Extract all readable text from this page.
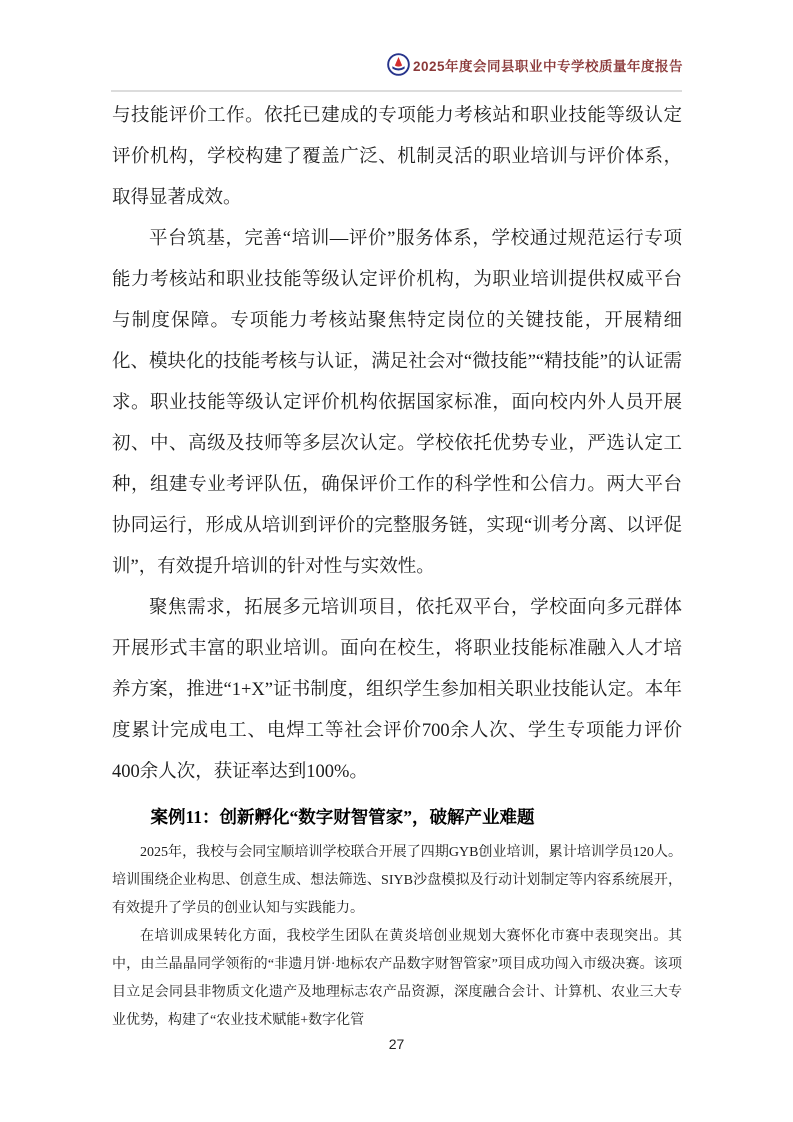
2025年度会同县职业中专学校质量年度报告

与技能评价工作。依托已建成的专项能力考核站和职业技能等级认定评价机构，学校构建了覆盖广泛、机制灵活的职业培训与评价体系，取得显著成效。

平台筑基，完善“培训—评价”服务体系，学校通过规范运行专项能力考核站和职业技能等级认定评价机构，为职业培训提供权威平台与制度保障。专项能力考核站聚焦特定岗位的关键技能，开展精细化、模块化的技能考核与认证，满足社会对“微技能”“精技能”的认证需求。职业技能等级认定评价机构依据国家标准，面向校内外人员开展初、中、高级及技师等多层次认定。学校依托优势专业，严选认定工种，组建专业考评队伍，确保评价工作的科学性和公信力。两大平台协同运行，形成从培训到评价的完整服务链，实现“训考分离、以评促训”，有效提升培训的针对性与实效性。

聚焦需求，拓展多元培训项目，依托双平台，学校面向多元群体开展形式丰富的职业培训。面向在校生，将职业技能标准融入人才培养方案，推进“1+X”证书制度，组织学生参加相关职业技能认定。本年度累计完成电工、电焊工等社会评价700余人次、学生专项能力评价400余人次，获证率达到100%。

案例11：创新孵化“数字财智管家”，破解产业难题

2025年，我校与会同宝顺培训学校联合开展了四期GYB创业培训，累计培训学员120人。培训围绕企业构思、创意生成、想法筛选、SIYB沙盘模拟及行动计划制定等内容系统展开，有效提升了学员的创业认知与实践能力。

在培训成果转化方面，我校学生团队在黄炎培创业规划大赛怀化市赛中表现突出。其中，由兰晶晶同学领衔的“非遗月饼·地标农产品数字财智管家”项目成功闯入市级决赛。该项目立足会同县非物质文化遗产及地理标志农产品资源，深度融合会计、计算机、农业三大专业优势，构建了“农业技术赋能+数字化管

27
